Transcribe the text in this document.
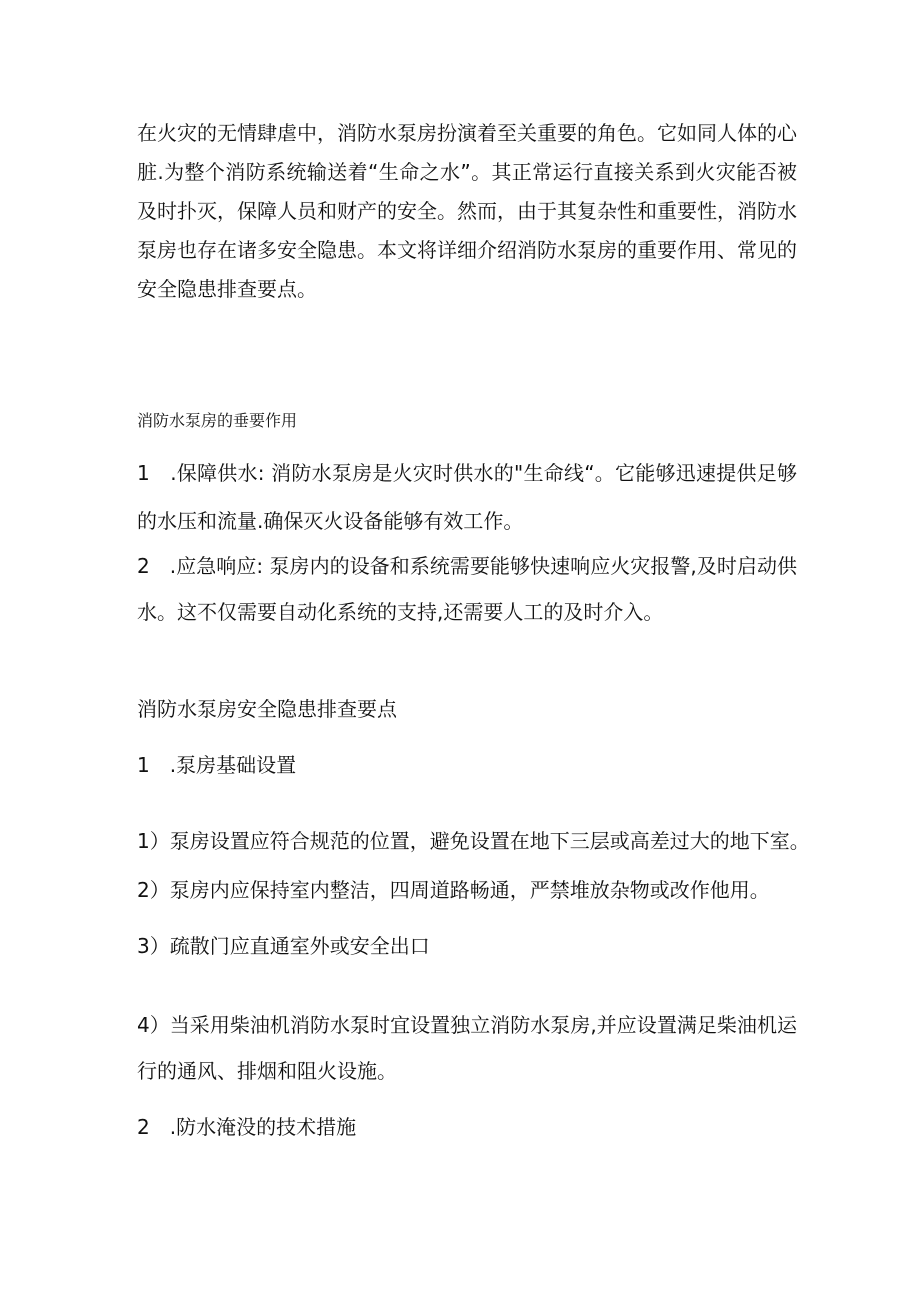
在火灾的无情肆虐中，消防水泵房扮演着至关重要的角色。它如同人体的心脏.为整个消防系统输送着“生命之水”。其正常运行直接关系到火灾能否被及时扑灭，保障人员和财产的安全。然而，由于其复杂性和重要性，消防水泵房也存在诸多安全隐患。本文将详细介绍消防水泵房的重要作用、常见的安全隐患排查要点。

消防水泵房的垂要作用

1　.保障供水: 消防水泵房是火灾时供水的"生命线“。它能够迅速提供足够的水压和流量.确保灭火设备能够有效工作。

2　.应急响应: 泵房内的设备和系统需要能够快速响应火灾报警,及时启动供水。这不仅需要自动化系统的支持,还需要人工的及时介入。

消防水泵房安全隐患排查要点

1　.泵房基础设置

1）泵房设置应符合规范的位置，避免设置在地下三层或高差过大的地下室。

2）泵房内应保持室内整洁，四周道路畅通，严禁堆放杂物或改作他用。

3）疏散门应直通室外或安全出口

4）当采用柴油机消防水泵时宜设置独立消防水泵房,并应设置满足柴油机运行的通风、排烟和阻火设施。

2　.防水淹没的技术措施
